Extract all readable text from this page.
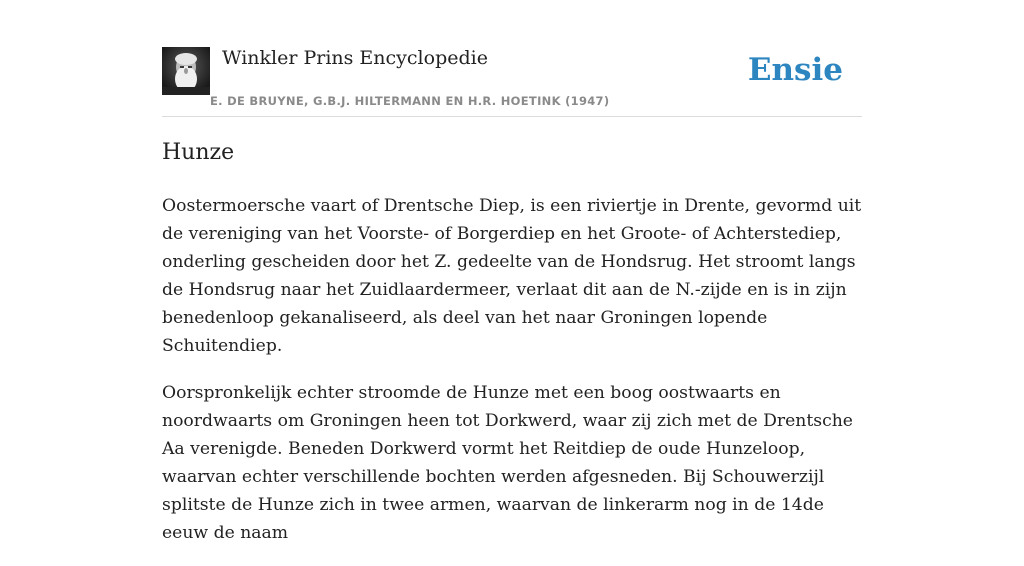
Winkler Prins Encyclopedie
E. DE BRUYNE, G.B.J. HILTERMANN EN H.R. HOETINK (1947)
Ensie
Hunze

Oostermoersche vaart of Drentsche Diep, is een riviertje in Drente, gevormd uit de vereniging van het Voorste- of Borgerdiep en het Groote- of Achterstediep, onderling gescheiden door het Z. gedeelte van de Hondsrug. Het stroomt langs de Hondsrug naar het Zuidlaardermeer, verlaat dit aan de N.-zijde en is in zijn benedenloop gekanaliseerd, als deel van het naar Groningen lopende Schuitendiep.

Oorspronkelijk echter stroomde de Hunze met een boog oostwaarts en noordwaarts om Groningen heen tot Dorkwerd, waar zij zich met de Drentsche Aa verenigde. Beneden Dorkwerd vormt het Reitdiep de oude Hunzeloop, waarvan echter verschillende bochten werden afgesneden. Bij Schouwerzijl splitste de Hunze zich in twee armen, waarvan de linkerarm nog in de 14de eeuw de naam
